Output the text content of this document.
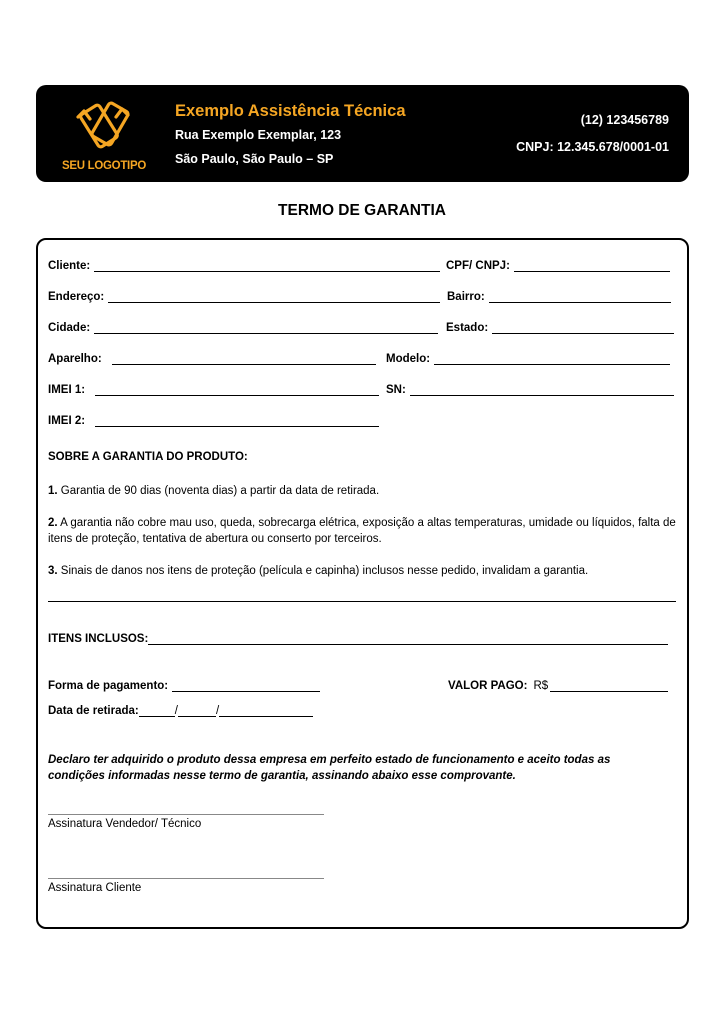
SEU LOGOTIPO
Exemplo Assistência Técnica
Rua Exemplo Exemplar, 123
São Paulo, São Paulo – SP
(12) 123456789
CNPJ: 12.345.678/0001-01
TERMO DE GARANTIA
Cliente:	CPF/ CNPJ:
Endereço:	Bairro:
Cidade:	Estado:
Aparelho:	Modelo:
IMEI 1:	SN:
IMEI 2:
SOBRE A GARANTIA DO PRODUTO:
1. Garantia de 90 dias (noventa dias) a partir da data de retirada.
2. A garantia não cobre mau uso, queda, sobrecarga elétrica, exposição a altas temperaturas, umidade ou líquidos, falta de itens de proteção, tentativa de abertura ou conserto por terceiros.
3. Sinais de danos nos itens de proteção (película e capinha) inclusos nesse pedido, invalidam a garantia.
ITENS INCLUSOS:
Forma de pagamento:	VALOR PAGO: R$
Data de retirada:	/	/
Declaro ter adquirido o produto dessa empresa em perfeito estado de funcionamento e aceito todas as condições informadas nesse termo de garantia, assinando abaixo esse comprovante.
Assinatura Vendedor/ Técnico
Assinatura Cliente
